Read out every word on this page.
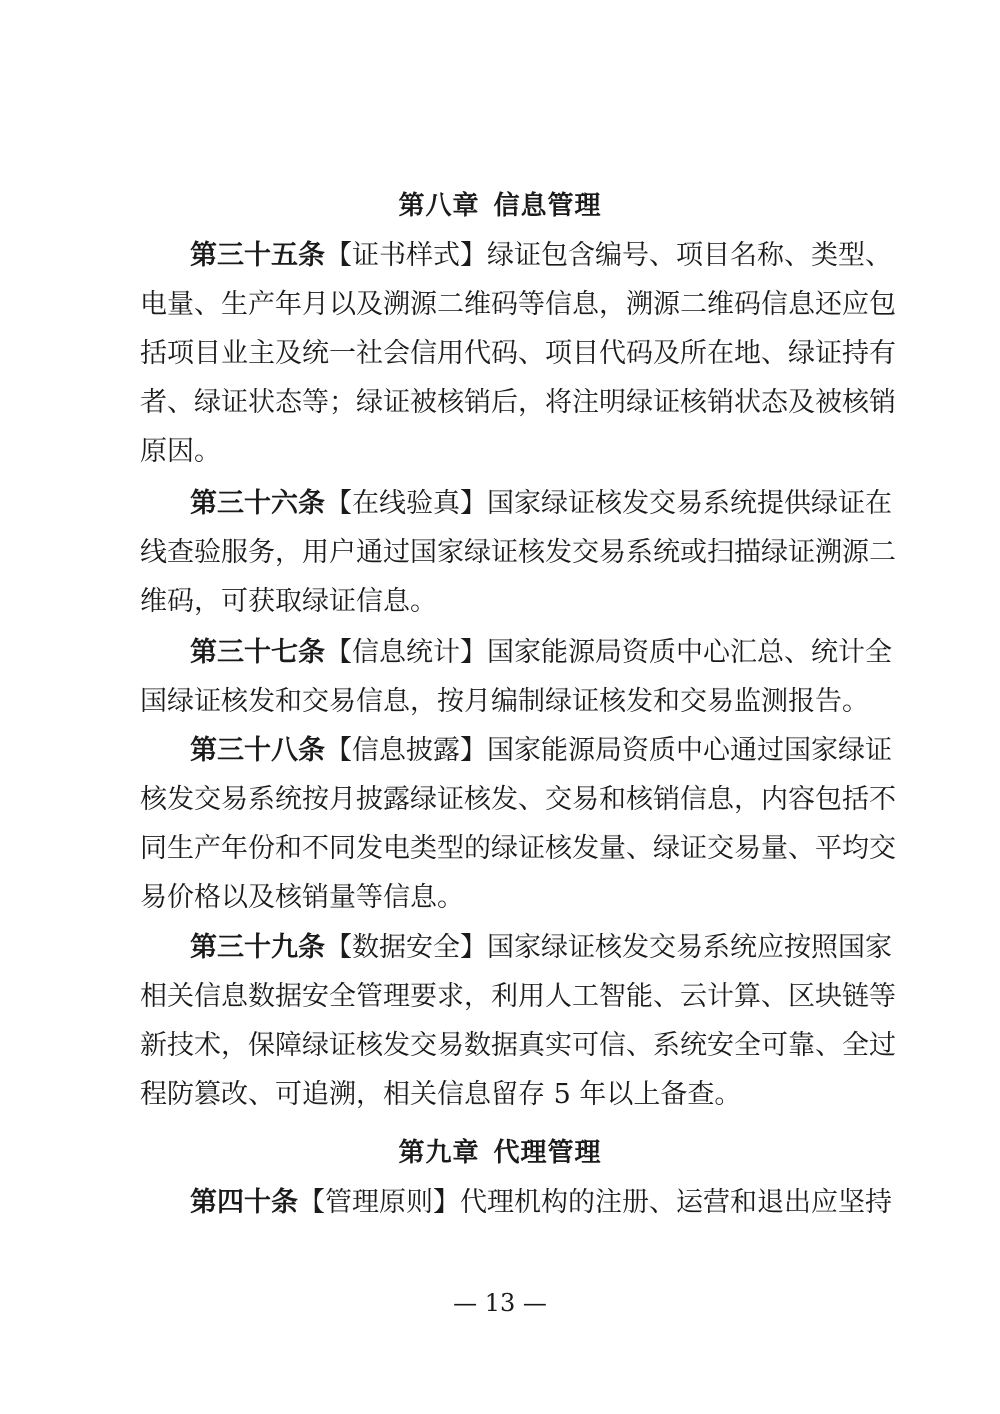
第八章 信息管理
第三十五条【证书样式】绿证包含编号、项目名称、类型、
电量、生产年月以及溯源二维码等信息，溯源二维码信息还应包
括项目业主及统一社会信用代码、项目代码及所在地、绿证持有
者、绿证状态等；绿证被核销后，将注明绿证核销状态及被核销
原因。
第三十六条【在线验真】国家绿证核发交易系统提供绿证在
线查验服务，用户通过国家绿证核发交易系统或扫描绿证溯源二
维码，可获取绿证信息。
第三十七条【信息统计】国家能源局资质中心汇总、统计全
国绿证核发和交易信息，按月编制绿证核发和交易监测报告。
第三十八条【信息披露】国家能源局资质中心通过国家绿证
核发交易系统按月披露绿证核发、交易和核销信息，内容包括不
同生产年份和不同发电类型的绿证核发量、绿证交易量、平均交
易价格以及核销量等信息。
第三十九条【数据安全】国家绿证核发交易系统应按照国家
相关信息数据安全管理要求，利用人工智能、云计算、区块链等
新技术，保障绿证核发交易数据真实可信、系统安全可靠、全过
程防篡改、可追溯，相关信息留存 5 年以上备查。
第九章 代理管理
第四十条【管理原则】代理机构的注册、运营和退出应坚持
— 13 —
